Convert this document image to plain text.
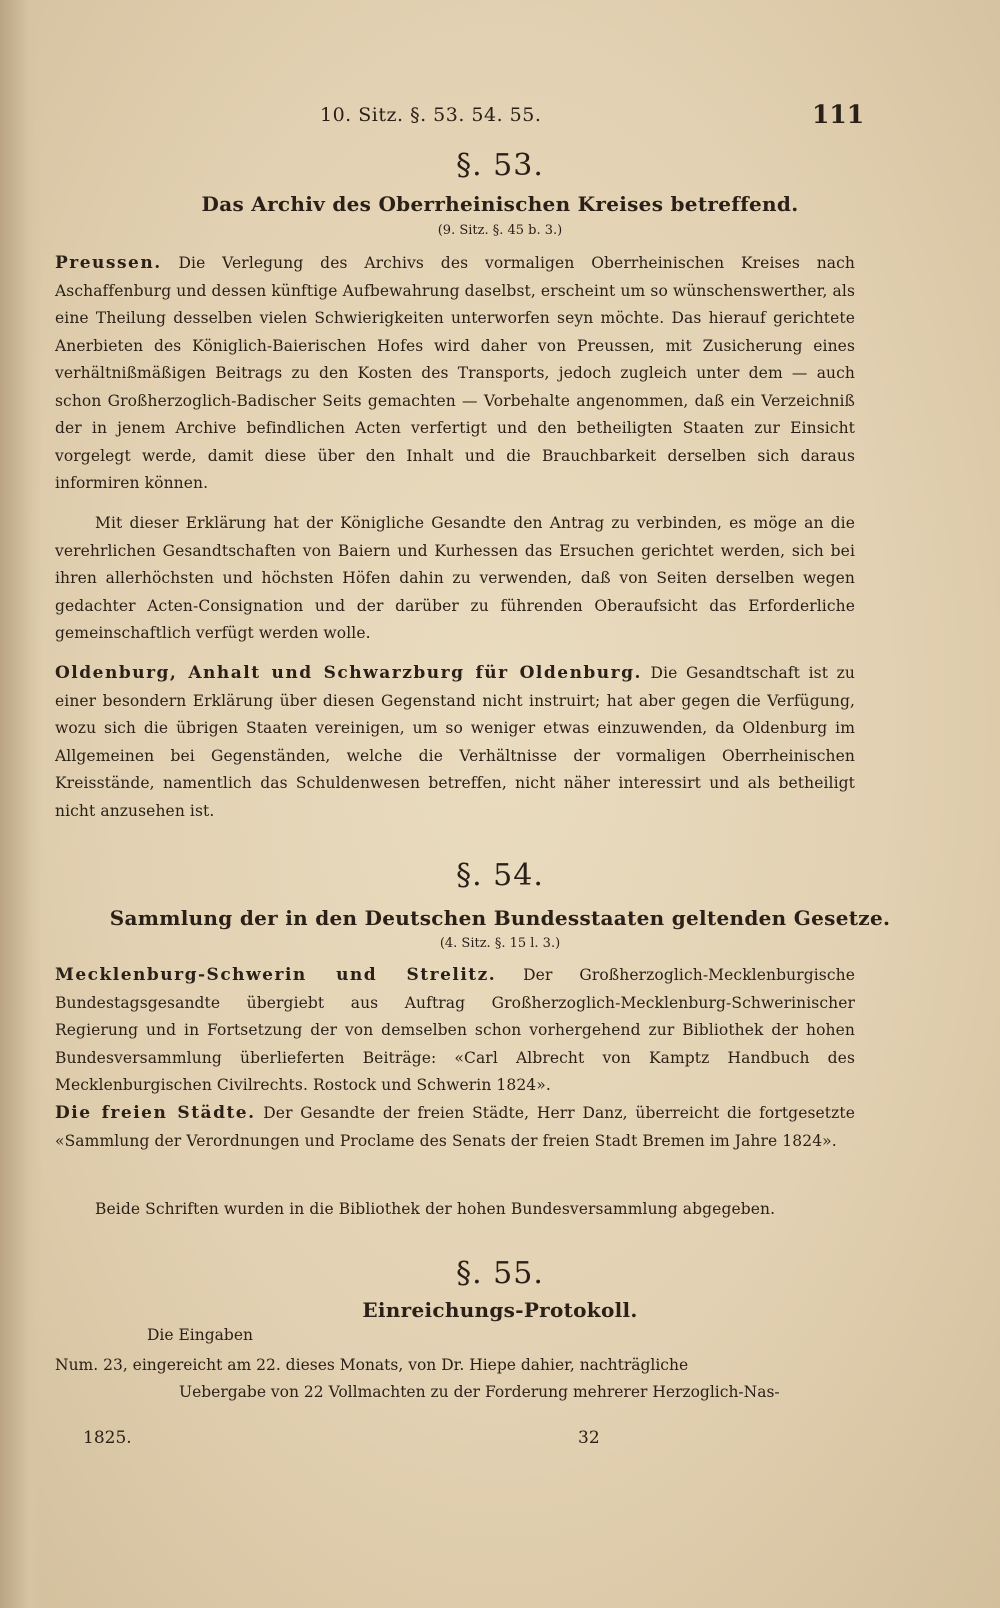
10. Sitz. §. 53. 54. 55.	111
§. 53.
Das Archiv des Oberrheinischen Kreises betreffend.
(9. Sitz. §. 45 b. 3.)
Preussen. Die Verlegung des Archivs des vormaligen Oberrheinischen Kreises nach Aschaffenburg und dessen künftige Aufbewahrung daselbst, erscheint um so wünschenswerther, als eine Theilung desselben vielen Schwierigkeiten unterworfen seyn möchte. Das hierauf gerichtete Anerbieten des Königlich-Baierischen Hofes wird daher von Preussen, mit Zusicherung eines verhältnißmäßigen Beitrags zu den Kosten des Transports, jedoch zugleich unter dem — auch schon Großherzoglich-Badischer Seits gemachten — Vorbehalte angenommen, daß ein Verzeichniß der in jenem Archive befindlichen Acten verfertigt und den betheiligten Staaten zur Einsicht vorgelegt werde, damit diese über den Inhalt und die Brauchbarkeit derselben sich daraus informiren können.
Mit dieser Erklärung hat der Königliche Gesandte den Antrag zu verbinden, es möge an die verehrlichen Gesandtschaften von Baiern und Kurhessen das Ersuchen gerichtet werden, sich bei ihren allerhöchsten und höchsten Höfen dahin zu verwenden, daß von Seiten derselben wegen gedachter Acten-Consignation und der darüber zu führenden Oberaufsicht das Erforderliche gemeinschaftlich verfügt werden wolle.
Oldenburg, Anhalt und Schwarzburg für Oldenburg. Die Gesandtschaft ist zu einer besondern Erklärung über diesen Gegenstand nicht instruirt; hat aber gegen die Verfügung, wozu sich die übrigen Staaten vereinigen, um so weniger etwas einzuwenden, da Oldenburg im Allgemeinen bei Gegenständen, welche die Verhältnisse der vormaligen Oberrheinischen Kreisstände, namentlich das Schuldenwesen betreffen, nicht näher interessirt und als betheiligt nicht anzusehen ist.
§. 54.
Sammlung der in den Deutschen Bundesstaaten geltenden Gesetze.
(4. Sitz. §. 15 l. 3.)
Mecklenburg-Schwerin und Strelitz. Der Großherzoglich-Mecklenburgische Bundestagsgesandte übergiebt aus Auftrag Großherzoglich-Mecklenburg-Schwerinischer Regierung und in Fortsetzung der von demselben schon vorhergehend zur Bibliothek der hohen Bundesversammlung überlieferten Beiträge: «Carl Albrecht von Kamptz Handbuch des Mecklenburgischen Civilrechts. Rostock und Schwerin 1824».
Die freien Städte. Der Gesandte der freien Städte, Herr Danz, überreicht die fortgesetzte «Sammlung der Verordnungen und Proclame des Senats der freien Stadt Bremen im Jahre 1824».
Beide Schriften wurden in die Bibliothek der hohen Bundesversammlung abgegeben.
§. 55.
Einreichungs-Protokoll.
Die Eingaben
Num. 23, eingereicht am 22. dieses Monats, von Dr. Hiepe dahier, nachträgliche
Uebergabe von 22 Vollmachten zu der Forderung mehrerer Herzoglich-Nas-
1825.	32
